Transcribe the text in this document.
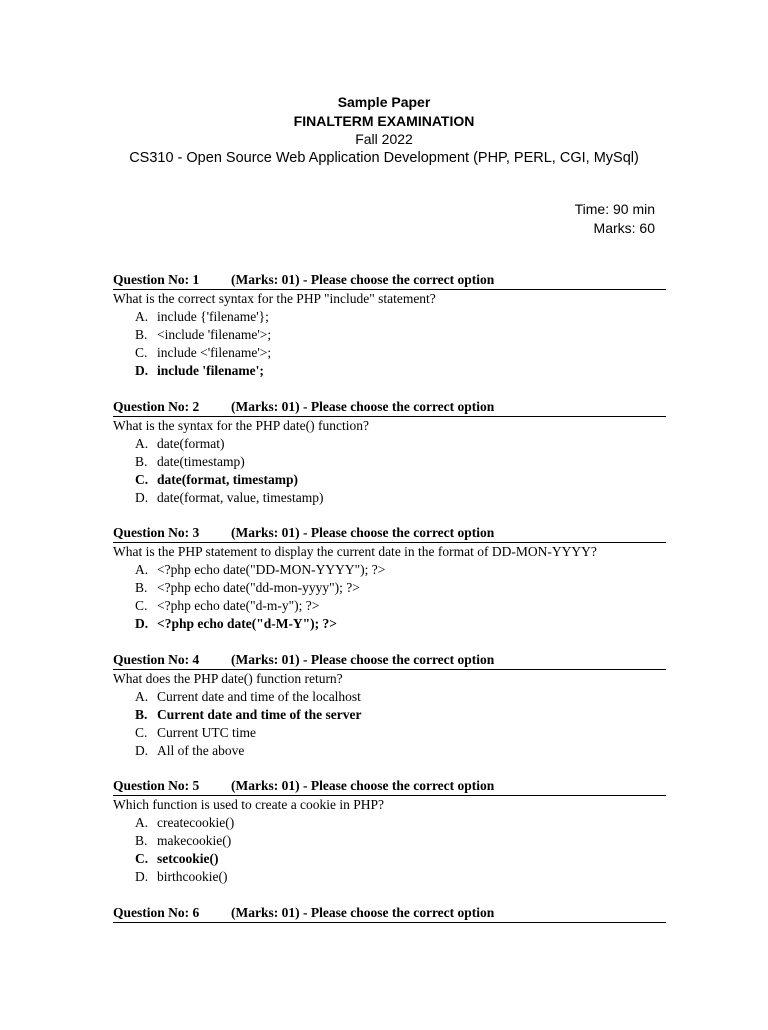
Sample Paper
FINALTERM EXAMINATION
Fall 2022
CS310 - Open Source Web Application Development (PHP, PERL, CGI, MySql)
Time: 90 min
Marks: 60
Question No: 1 (Marks: 01) - Please choose the correct option
What is the correct syntax for the PHP "include" statement?
A. include {'filename'};
B. <include 'filename'>;
C. include <'filename'>;
D. include 'filename';
Question No: 2 (Marks: 01) - Please choose the correct option
What is the syntax for the PHP date() function?
A. date(format)
B. date(timestamp)
C. date(format, timestamp)
D. date(format, value, timestamp)
Question No: 3 (Marks: 01) - Please choose the correct option
What is the PHP statement to display the current date in the format of DD-MON-YYYY?
A. <?php echo date("DD-MON-YYYY"); ?>
B. <?php echo date("dd-mon-yyyy"); ?>
C. <?php echo date("d-m-y"); ?>
D. <?php echo date("d-M-Y"); ?>
Question No: 4 (Marks: 01) - Please choose the correct option
What does the PHP date() function return?
A. Current date and time of the localhost
B. Current date and time of the server
C. Current UTC time
D. All of the above
Question No: 5 (Marks: 01) - Please choose the correct option
Which function is used to create a cookie in PHP?
A. createcookie()
B. makecookie()
C. setcookie()
D. birthcookie()
Question No: 6 (Marks: 01) - Please choose the correct option
